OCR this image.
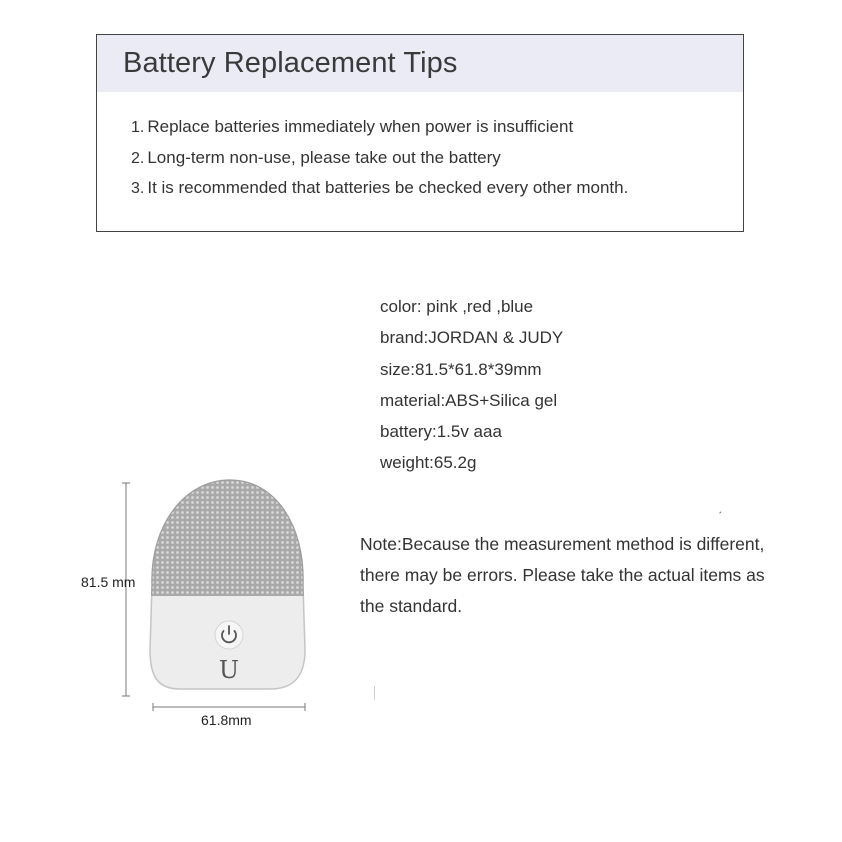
Battery Replacement Tips
1. Replace batteries immediately when power is insufficient
2. Long-term non-use, please take out the battery
3. It is recommended that batteries be checked every other month.
color: pink ,red ,blue
brand:JORDAN & JUDY
size:81.5*61.8*39mm
material:ABS+Silica gel
battery:1.5v aaa
weight:65.2g
ˏ
Note:Because the measurement method is different, there may be errors. Please take the actual items as the standard.
U
81.5 mm
61.8mm
